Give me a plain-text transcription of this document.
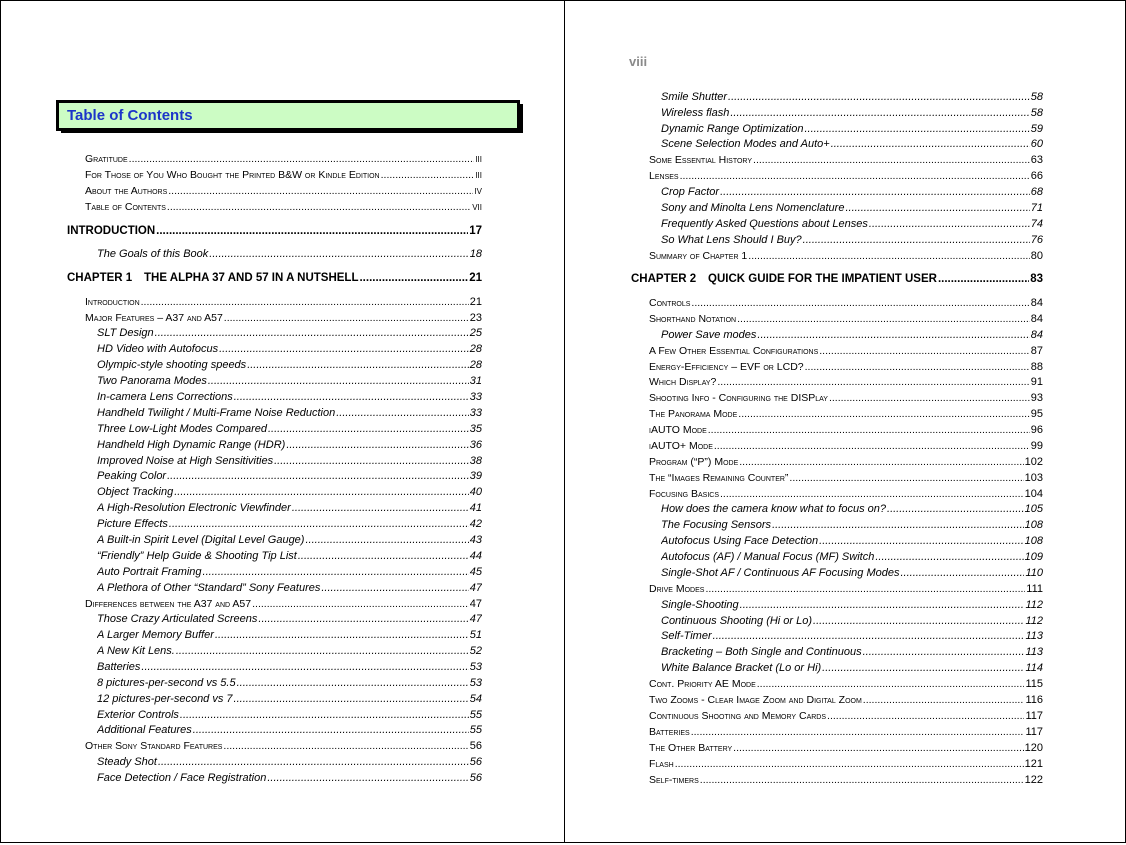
Table of Contents
Gratitude .....	iii
For Those of You Who Bought the Printed B&W or Kindle Edition .....	iii
About the Authors .....	iv
Table of Contents .....	vii
INTRODUCTION .....	17
The Goals of this Book .....	18
CHAPTER 1 THE ALPHA 37 AND 57 IN A NUTSHELL .....	21
Introduction .....	21
Major Features – A37 and A57 .....	23
SLT Design .....	25
HD Video with Autofocus .....	28
Olympic-style shooting speeds .....	28
Two Panorama Modes .....	31
In-camera Lens Corrections .....	33
Handheld Twilight / Multi-Frame Noise Reduction .....	33
Three Low-Light Modes Compared .....	35
Handheld High Dynamic Range (HDR) .....	36
Improved Noise at High Sensitivities .....	38
Peaking Color .....	39
Object Tracking .....	40
A High-Resolution Electronic Viewfinder .....	41
Picture Effects .....	42
A Built-in Spirit Level (Digital Level Gauge) .....	43
“Friendly” Help Guide & Shooting Tip List .....	44
Auto Portrait Framing .....	45
A Plethora of Other “Standard” Sony Features .....	47
Differences between the A37 and A57 .....	47
Those Crazy Articulated Screens .....	47
A Larger Memory Buffer .....	51
A New Kit Lens. .....	52
Batteries .....	53
8 pictures-per-second vs 5.5 .....	53
12 pictures-per-second vs 7 .....	54
Exterior Controls .....	55
Additional Features .....	55
Other Sony Standard Features .....	56
Steady Shot .....	56
Face Detection / Face Registration .....	56
viii
Smile Shutter .....	58
Wireless flash .....	58
Dynamic Range Optimization .....	59
Scene Selection Modes and Auto+ .....	60
Some Essential History .....	63
Lenses .....	66
Crop Factor .....	68
Sony and Minolta Lens Nomenclature .....	71
Frequently Asked Questions about Lenses .....	74
So What Lens Should I Buy? .....	76
Summary of Chapter 1 .....	80
CHAPTER 2 QUICK GUIDE FOR THE IMPATIENT USER .....	83
Controls .....	84
Shorthand Notation .....	84
Power Save modes .....	84
A Few Other Essential Configurations .....	87
Energy-Efficiency – EVF or LCD? .....	88
Which Display? .....	91
Shooting Info - Configuring the DISPlay .....	93
The Panorama Mode .....	95
iAUTO Mode .....	96
iAUTO+ Mode .....	99
Program (“P”) Mode .....	102
The “Images Remaining Counter” .....	103
Focusing Basics .....	104
How does the camera know what to focus on? .....	105
The Focusing Sensors .....	108
Autofocus Using Face Detection .....	108
Autofocus (AF) / Manual Focus (MF) Switch .....	109
Single-Shot AF / Continuous AF Focusing Modes .....	110
Drive Modes .....	111
Single-Shooting .....	112
Continuous Shooting (Hi or Lo) .....	112
Self-Timer .....	113
Bracketing – Both Single and Continuous .....	113
White Balance Bracket (Lo or Hi) .....	114
Cont. Priority AE Mode .....	115
Two Zooms - Clear Image Zoom and Digital Zoom .....	116
Continuous Shooting and Memory Cards .....	117
Batteries .....	117
The Other Battery .....	120
Flash .....	121
Self-timers .....	122
